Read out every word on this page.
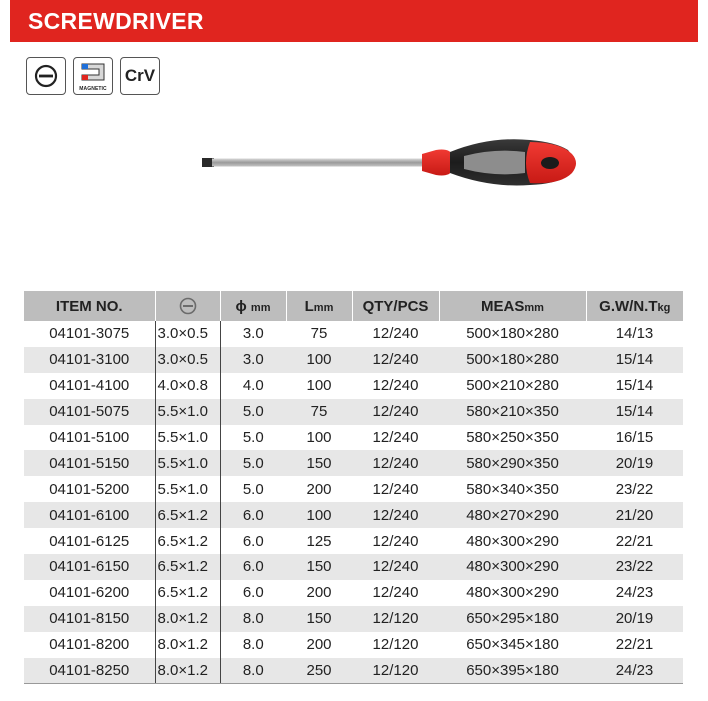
SCREWDRIVER
MAGNETIC
CrV
ITEM NO.		ϕ mm	Lmm	QTY/PCS	MEASmm	G.W/N.Tkg
04101-3075	3.0×0.5	3.0	75	12/240	500×180×280	14/13
04101-3100	3.0×0.5	3.0	100	12/240	500×180×280	15/14
04101-4100	4.0×0.8	4.0	100	12/240	500×210×280	15/14
04101-5075	5.5×1.0	5.0	75	12/240	580×210×350	15/14
04101-5100	5.5×1.0	5.0	100	12/240	580×250×350	16/15
04101-5150	5.5×1.0	5.0	150	12/240	580×290×350	20/19
04101-5200	5.5×1.0	5.0	200	12/240	580×340×350	23/22
04101-6100	6.5×1.2	6.0	100	12/240	480×270×290	21/20
04101-6125	6.5×1.2	6.0	125	12/240	480×300×290	22/21
04101-6150	6.5×1.2	6.0	150	12/240	480×300×290	23/22
04101-6200	6.5×1.2	6.0	200	12/240	480×300×290	24/23
04101-8150	8.0×1.2	8.0	150	12/120	650×295×180	20/19
04101-8200	8.0×1.2	8.0	200	12/120	650×345×180	22/21
04101-8250	8.0×1.2	8.0	250	12/120	650×395×180	24/23
